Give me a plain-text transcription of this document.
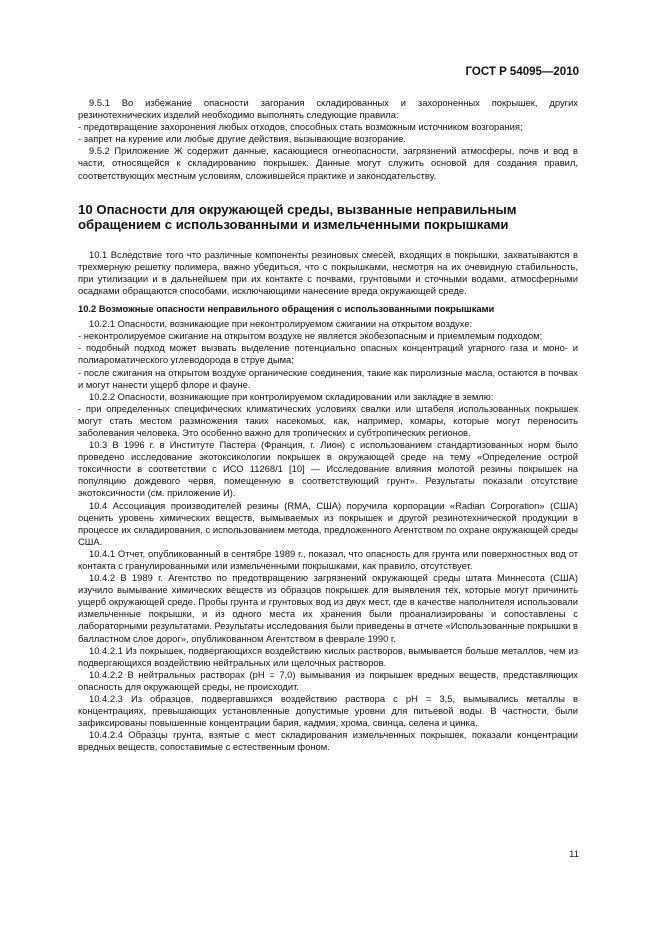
ГОСТ Р 54095—2010

9.5.1 Во избежание опасности загорания складированных и захороненных покрышек, других резинотехнических изделий необходимо выполнять следующие правила:

- предотвращение захоронения любых отходов, способных стать возможным источником возгорания;

- запрет на курение или любые другие действия, вызывающие возгорание.

9.5.2 Приложение Ж содержит данные, касающиеся огнеопасности, загрязнений атмосферы, почв и вод в части, относящейся к складированию покрышек. Данные могут служить основой для создания правил, соответствующих местным условиям, сложившейся практике и законодательству.

10 Опасности для окружающей среды, вызванные неправильным обращением с использованными и измельченными покрышками

10.1 Вследствие того что различные компоненты резиновых смесей, входящих в покрышки, захватываются в трехмерную решетку полимера, важно убедиться, что с покрышками, несмотря на их очевидную стабильность, при утилизации и в дальнейшем при их контакте с почвами, грунтовыми и сточными водами, атмосферными осадками обращаются способами, исключающими нанесение вреда окружающей среде.

10.2 Возможные опасности неправильного обращения с использованными покрышками

10.2.1 Опасности, возникающие при неконтролируемом сжигании на открытом воздухе:

- неконтролируемое сжигание на открытом воздухе не является экобезопасным и приемлемым подходом;

- подобный подход может вызвать выделение потенциально опасных концентраций угарного газа и моно- и полиароматического углеводорода в струе дыма;

- после сжигания на открытом воздухе органические соединения, такие как пиролизные масла, остаются в почвах и могут нанести ущерб флоре и фауне.

10.2.2 Опасности, возникающие при контролируемом складировании или закладке в землю:

- при определенных специфических климатических условиях свалки или штабеля использованных покрышек могут стать местом размножения таких насекомых, как, например, комары, которые могут переносить заболевания человека. Это особенно важно для тропических и субтропических регионов.

10.3 В 1996 г. в Институте Пастера (Франция, г. Лион) с использованием стандартизованных норм было проведено исследование экотоксикологии покрышек в окружающей среде на тему «Определение острой токсичности в соответствии с ИСО 11268/1 [10] — Исследование влияния молотой резины покрышек на популяцию дождевого червя, помещенную в соответствующий грунт». Результаты показали отсутствие экотоксичности (см. приложение И).

10.4 Ассоциация производителей резины (RMA, США) поручила корпорации «Radian Corporation» (США) оценить уровень химических веществ, вымываемых из покрышек и другой резинотехнической продукции в процессе их складирования, с использованием метода, предложенного Агентством по охране окружающей среды США.

10.4.1 Отчет, опубликованный в сентябре 1989 г., показал, что опасность для грунта или поверхностных вод от контакта с гранулированными или измельченными покрышками, как правило, отсутствует.

10.4.2 В 1989 г. Агентство по предотвращению загрязнений окружающей среды штата Миннесота (США) изучило вымывание химических веществ из образцов покрышек для выявления тех, которые могут причинить ущерб окружающей среде. Пробы грунта и грунтовых вод из двух мест, где в качестве наполнителя использовали измельченные покрышки, и из одного места их хранения были проанализированы и сопоставлены с лабораторными результатами. Результаты исследования были приведены в отчете «Использованные покрышки в балластном слое дорог», опубликованном Агентством в феврале 1990 г.

10.4.2.1 Из покрышек, подвергающихся воздействию кислых растворов, вымывается больше металлов, чем из подвергающихся воздействию нейтральных или щелочных растворов.

10.4.2.2 В нейтральных растворах (pH = 7,0) вымывания из покрышек вредных веществ, представляющих опасность для окружающей среды, не происходит.

10.4.2.3 Из образцов, подвергавшихся воздействию раствора с pH = 3,5, вымывались металлы в концентрациях, превышающих установленные допустимые уровни для питьевой воды. В частности, были зафиксированы повышенные концентрации бария, кадмия, хрома, свинца, селена и цинка.

10.4.2.4 Образцы грунта, взятые с мест складирования измельченных покрышек, показали концентрации вредных веществ, сопоставимые с естественным фоном.

11
